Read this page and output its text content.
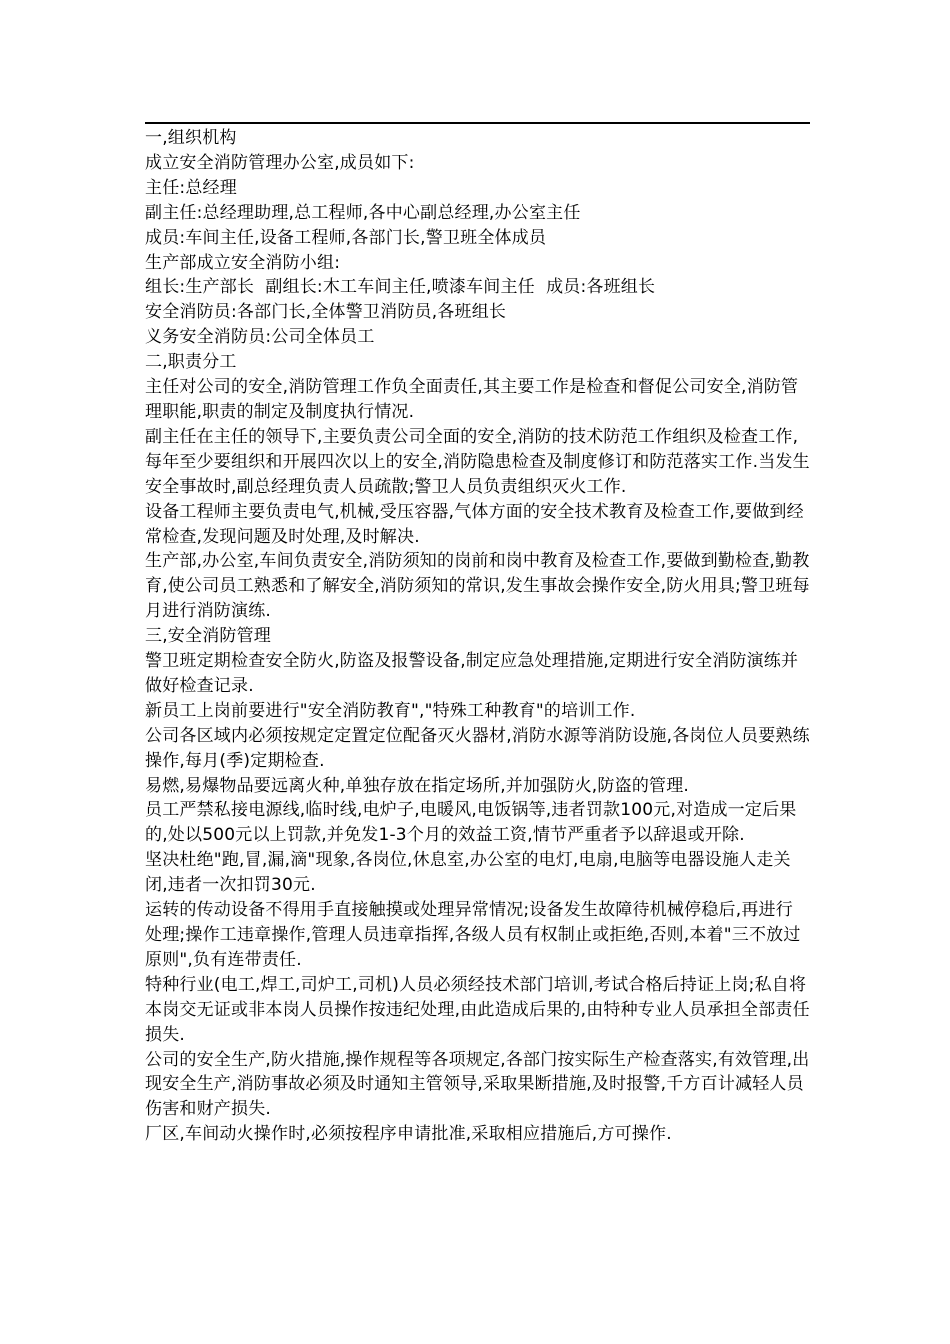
一,组织机构

成立安全消防管理办公室,成员如下:

主任:总经理

副主任:总经理助理,总工程师,各中心副总经理,办公室主任

成员:车间主任,设备工程师,各部门长,警卫班全体成员

生产部成立安全消防小组:

组长:生产部长  副组长:木工车间主任,喷漆车间主任  成员:各班组长

安全消防员:各部门长,全体警卫消防员,各班组长

义务安全消防员:公司全体员工

二,职责分工

主任对公司的安全,消防管理工作负全面责任,其主要工作是检查和督促公司安全,消防管理职能,职责的制定及制度执行情况.

副主任在主任的领导下,主要负责公司全面的安全,消防的技术防范工作组织及检查工作,每年至少要组织和开展四次以上的安全,消防隐患检查及制度修订和防范落实工作.当发生安全事故时,副总经理负责人员疏散;警卫人员负责组织灭火工作.

设备工程师主要负责电气,机械,受压容器,气体方面的安全技术教育及检查工作,要做到经常检查,发现问题及时处理,及时解决.

生产部,办公室,车间负责安全,消防须知的岗前和岗中教育及检查工作,要做到勤检查,勤教育,使公司员工熟悉和了解安全,消防须知的常识,发生事故会操作安全,防火用具;警卫班每月进行消防演练.

三,安全消防管理

警卫班定期检查安全防火,防盗及报警设备,制定应急处理措施,定期进行安全消防演练并做好检查记录.

新员工上岗前要进行"安全消防教育","特殊工种教育"的培训工作.

公司各区域内必须按规定定置定位配备灭火器材,消防水源等消防设施,各岗位人员要熟练操作,每月(季)定期检查.

易燃,易爆物品要远离火种,单独存放在指定场所,并加强防火,防盗的管理.

员工严禁私接电源线,临时线,电炉子,电暖风,电饭锅等,违者罚款100元,对造成一定后果的,处以500元以上罚款,并免发1-3个月的效益工资,情节严重者予以辞退或开除.

坚决杜绝"跑,冒,漏,滴"现象,各岗位,休息室,办公室的电灯,电扇,电脑等电器设施人走关闭,违者一次扣罚30元.

运转的传动设备不得用手直接触摸或处理异常情况;设备发生故障待机械停稳后,再进行处理;操作工违章操作,管理人员违章指挥,各级人员有权制止或拒绝,否则,本着"三不放过原则",负有连带责任.

特种行业(电工,焊工,司炉工,司机)人员必须经技术部门培训,考试合格后持证上岗;私自将本岗交无证或非本岗人员操作按违纪处理,由此造成后果的,由特种专业人员承担全部责任损失.

公司的安全生产,防火措施,操作规程等各项规定,各部门按实际生产检查落实,有效管理,出现安全生产,消防事故必须及时通知主管领导,采取果断措施,及时报警,千方百计减轻人员伤害和财产损失.

厂区,车间动火操作时,必须按程序申请批准,采取相应措施后,方可操作.
